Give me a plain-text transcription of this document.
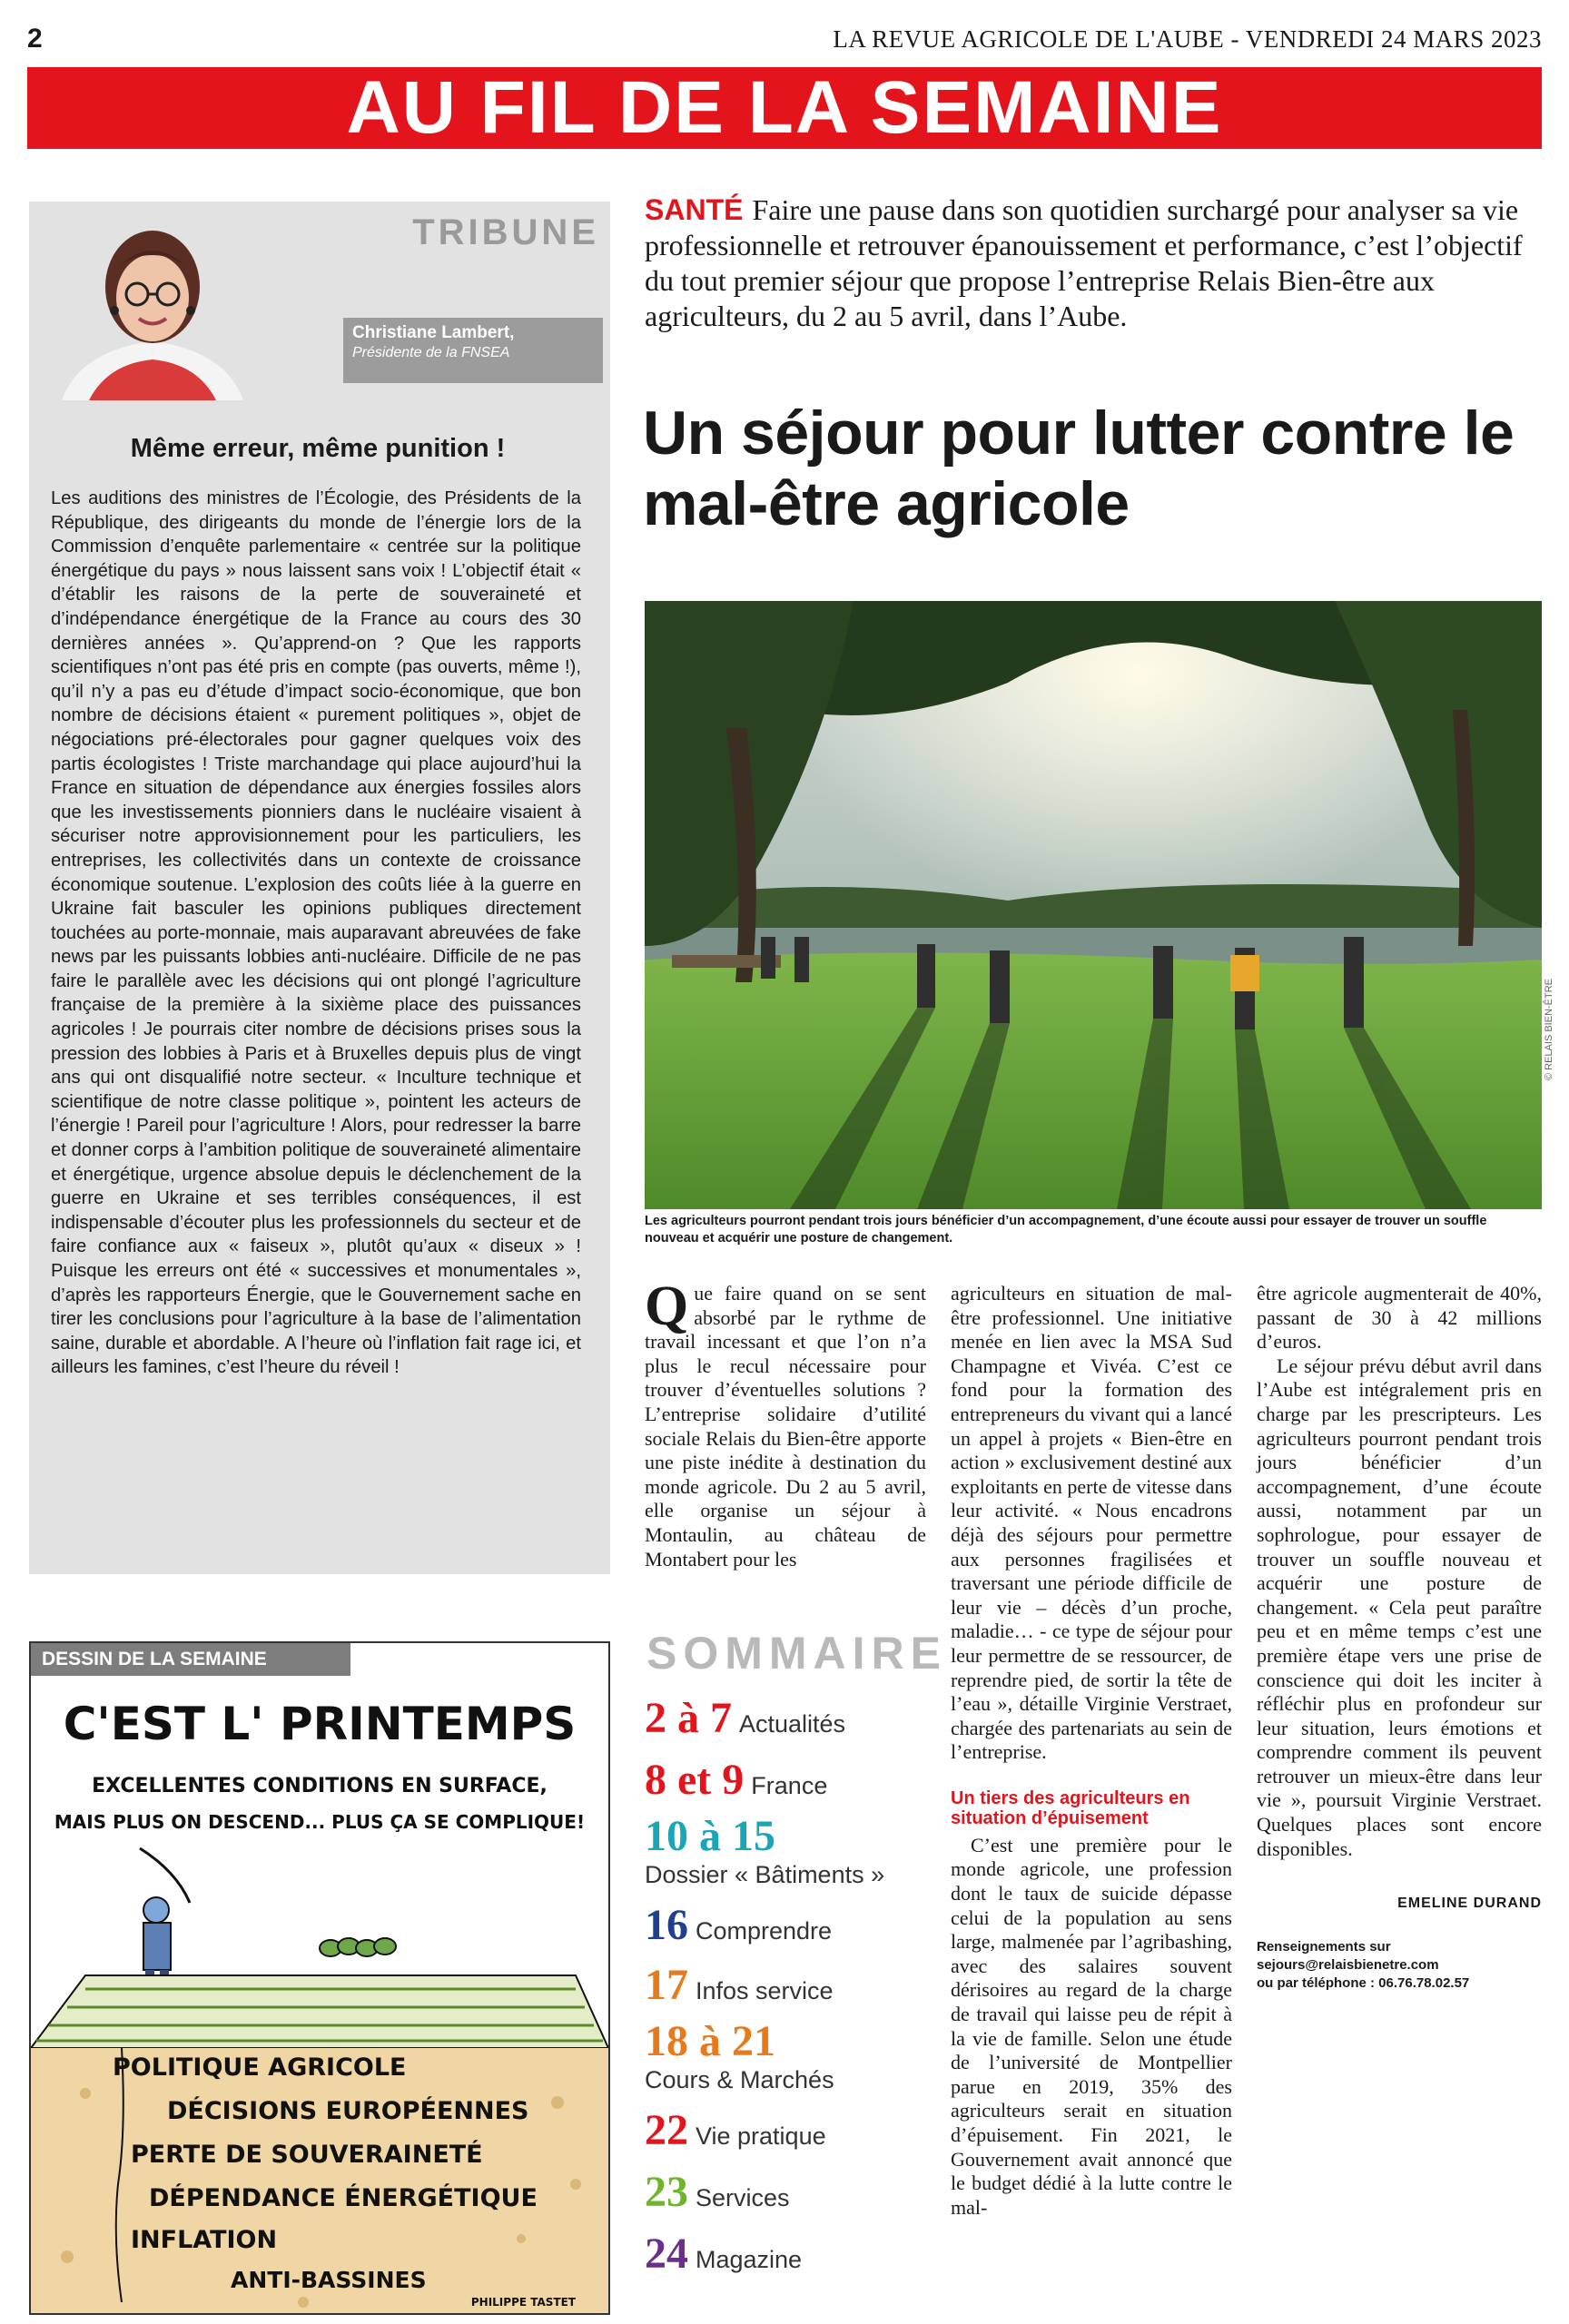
2	LA REVUE AGRICOLE DE L'AUBE - VENDREDI 24 MARS 2023
AU FIL DE LA SEMAINE
TRIBUNE
Christiane Lambert,
Présidente de la FNSEA
Même erreur, même punition !
Les auditions des ministres de l’Écologie, des Présidents de la République, des dirigeants du monde de l’énergie lors de la Commission d’enquête parlementaire « centrée sur la politique énergétique du pays » nous laissent sans voix ! L’objectif était « d’établir les raisons de la perte de souveraineté et d’indépendance énergétique de la France au cours des 30 dernières années ». Qu’apprend-on ? Que les rapports scientifiques n’ont pas été pris en compte (pas ouverts, même !), qu’il n’y a pas eu d’étude d’impact socio-économique, que bon nombre de décisions étaient « purement politiques », objet de négociations pré-électorales pour gagner quelques voix des partis écologistes ! Triste marchandage qui place aujourd’hui la France en situation de dépendance aux énergies fossiles alors que les investissements pionniers dans le nucléaire visaient à sécuriser notre approvisionnement pour les particuliers, les entreprises, les collectivités dans un contexte de croissance économique soutenue. L’explosion des coûts liée à la guerre en Ukraine fait basculer les opinions publiques directement touchées au porte-monnaie, mais auparavant abreuvées de fake news par les puissants lobbies anti-nucléaire. Difficile de ne pas faire le parallèle avec les décisions qui ont plongé l’agriculture française de la première à la sixième place des puissances agricoles ! Je pourrais citer nombre de décisions prises sous la pression des lobbies à Paris et à Bruxelles depuis plus de vingt ans qui ont disqualifié notre secteur. « Inculture technique et scientifique de notre classe politique », pointent les acteurs de l’énergie ! Pareil pour l’agriculture ! Alors, pour redresser la barre et donner corps à l’ambition politique de souveraineté alimentaire et énergétique, urgence absolue depuis le déclenchement de la guerre en Ukraine et ses terribles conséquences, il est indispensable d’écouter plus les professionnels du secteur et de faire confiance aux « faiseux », plutôt qu’aux « diseux » ! Puisque les erreurs ont été « successives et monumentales », d’après les rapporteurs Énergie, que le Gouvernement sache en tirer les conclusions pour l’agriculture à la base de l’alimentation saine, durable et abordable. A l’heure où l’inflation fait rage ici, et ailleurs les famines, c’est l’heure du réveil !
SANTÉ Faire une pause dans son quotidien surchargé pour analyser sa vie professionnelle et retrouver épanouissement et performance, c’est l’objectif du tout premier séjour que propose l’entreprise Relais Bien-être aux agriculteurs, du 2 au 5 avril, dans l’Aube.
Un séjour pour lutter contre le mal-être agricole
© RELAIS BIEN-ÊTRE
Les agriculteurs pourront pendant trois jours bénéficier d’un accompagnement, d’une écoute aussi pour essayer de trouver un souffle nouveau et acquérir une posture de changement.

Que faire quand on se sent absorbé par le rythme de travail incessant et que l’on n’a plus le recul nécessaire pour trouver d’éventuelles solutions ? L’entreprise solidaire d’utilité sociale Relais du Bien-être apporte une piste inédite à destination du monde agricole. Du 2 au 5 avril, elle organise un séjour à Montaulin, au château de Montabert pour les

agriculteurs en situation de mal-être professionnel. Une initiative menée en lien avec la MSA Sud Champagne et Vivéa. C’est ce fond pour la formation des entrepreneurs du vivant qui a lancé un appel à projets « Bien-être en action » exclusivement destiné aux exploitants en perte de vitesse dans leur activité. « Nous encadrons déjà des séjours pour permettre aux personnes fragilisées et traversant une période difficile de leur vie – décès d’un proche, maladie… - ce type de séjour pour leur permettre de se ressourcer, de reprendre pied, de sortir la tête de l’eau », détaille Virginie Verstraet, chargée des partenariats au sein de l’entreprise.

Un tiers des agriculteurs en situation d’épuisement

C’est une première pour le monde agricole, une profession dont le taux de suicide dépasse celui de la population au sens large, malmenée par l’agribashing, avec des salaires souvent dérisoires au regard de la charge de travail qui laisse peu de répit à la vie de famille. Selon une étude de l’université de Montpellier parue en 2019, 35% des agriculteurs serait en situation d’épuisement. Fin 2021, le Gouvernement avait annoncé que le budget dédié à la lutte contre le mal-

être agricole augmenterait de 40%, passant de 30 à 42 millions d’euros.

Le séjour prévu début avril dans l’Aube est intégralement pris en charge par les prescripteurs. Les agriculteurs pourront pendant trois jours bénéficier d’un accompagnement, d’une écoute aussi, notamment par un sophrologue, pour essayer de trouver un souffle nouveau et acquérir une posture de changement. « Cela peut paraître peu et en même temps c’est une première étape vers une prise de conscience qui doit les inciter à réfléchir plus en profondeur sur leur situation, leurs émotions et comprendre comment ils peuvent retrouver un mieux-être dans leur vie », poursuit Virginie Verstraet. Quelques places sont encore disponibles.

EMELINE DURAND
Renseignements sur
sejours@relaisbienetre.com
ou par téléphone : 06.76.78.02.57
SOMMAIRE
2 à 7 Actualités
8 et 9 France
10 à 15
Dossier « Bâtiments »
16 Comprendre
17 Infos service
18 à 21
Cours & Marchés
22 Vie pratique
23 Services
24 Magazine
DESSIN DE LA SEMAINE
C'EST L' PRINTEMPS
EXCELLENTES CONDITIONS EN SURFACE,
MAIS PLUS ON DESCEND... PLUS ÇA SE COMPLIQUE!
POLITIQUE AGRICOLE
DÉCISIONS EUROPÉENNES
PERTE DE SOUVERAINETÉ
DÉPENDANCE ÉNERGÉTIQUE
INFLATION
ANTI-BASSINES
PHILIPPE TASTET
